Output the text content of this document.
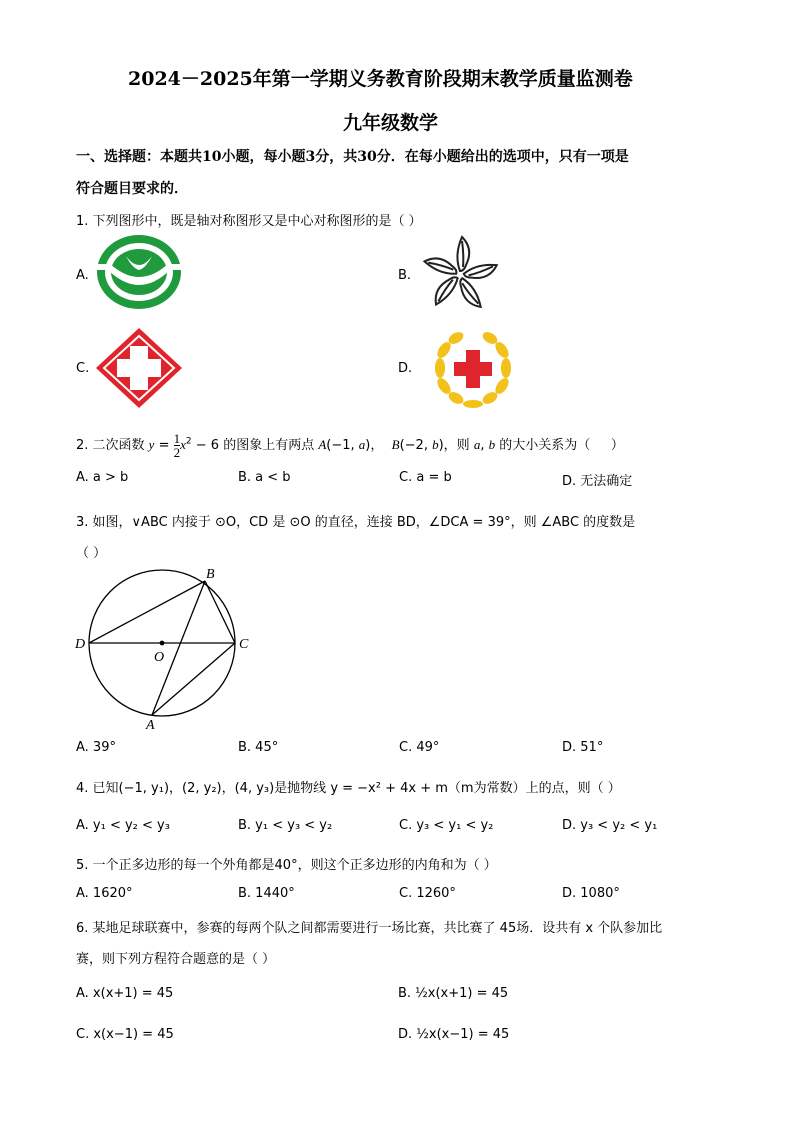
2024－2025年第一学期义务教育阶段期末教学质量监测卷
九年级数学
一、选择题：本题共10小题，每小题3分，共30分．在每小题给出的选项中，只有一项是
符合题目要求的．
1. 下列图形中，既是轴对称图形又是中心对称图形的是（ ）
A.	B.
C.	D.
2. 二次函数 $y = \frac{1}{2} x^2 - 6$ 的图象上有两点 A(−1, a)，  B(−2, b)，则 a, b 的大小关系为（     ）
A. a > b	B. a < b	C. a = b	D. 无法确定
3. 如图，∨ABC 内接于 ⊙O，CD 是 ⊙O 的直径，连接 BD，∠DCA = 39°，则 ∠ABC 的度数是
（ ）
B
D
O
C
A
A. 39°	B. 45°	C. 49°	D. 51°
4. 已知(−1, y₁)，(2, y₂)，(4, y₃)是抛物线 y = −x² + 4x + m（m为常数）上的点，则（ ）
A. y₁ < y₂ < y₃	B. y₁ < y₃ < y₂	C. y₃ < y₁ < y₂	D. y₃ < y₂ < y₁
5. 一个正多边形的每一个外角都是40°，则这个正多边形的内角和为（ ）
A. 1620°	B. 1440°	C. 1260°	D. 1080°
6. 某地足球联赛中，参赛的每两个队之间都需要进行一场比赛，共比赛了 45场．设共有 x 个队参加比
赛，则下列方程符合题意的是（ ）
A. x(x+1) = 45	B. ½x(x+1) = 45
C. x(x−1) = 45	D. ½x(x−1) = 45
